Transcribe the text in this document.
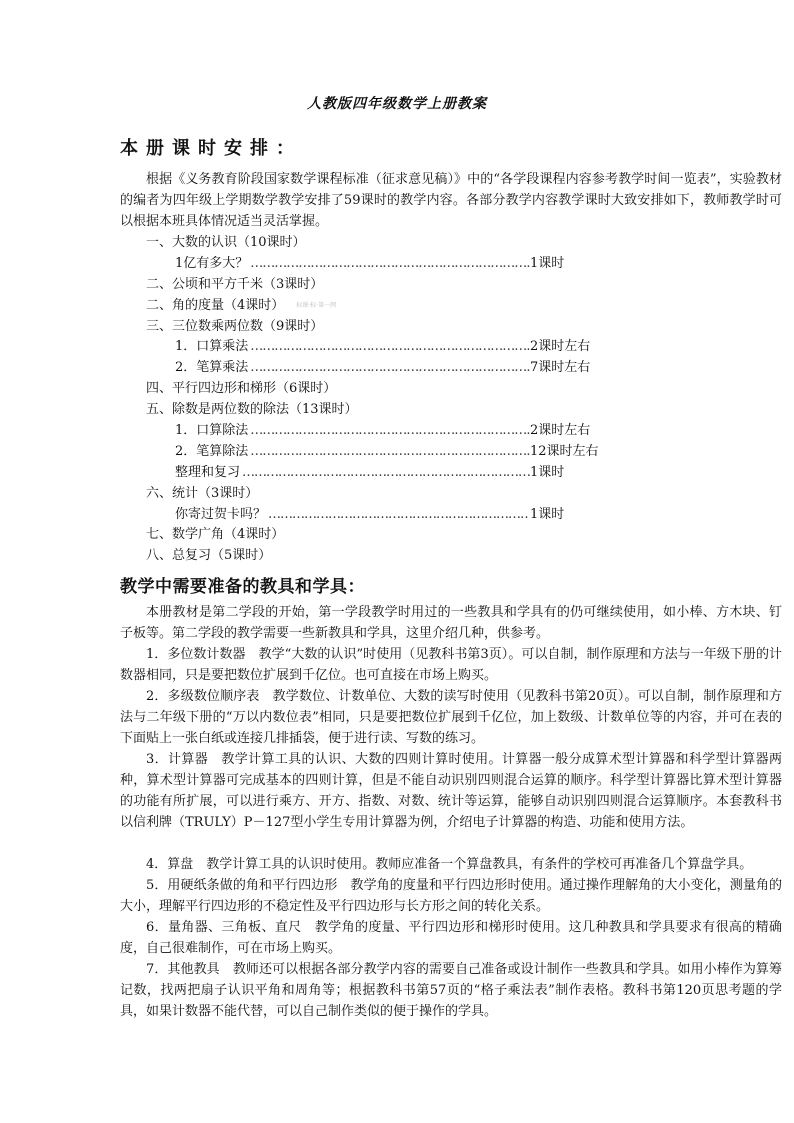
人教版四年级数学上册教案
本册课时安排：

根据《义务教育阶段国家数学课程标准（征求意见稿）》中的“各学段课程内容参考教学时间一览表”，实验教材的编者为四年级上学期数学教学安排了59课时的教学内容。各部分教学内容教学课时大致安排如下，教师教学时可以根据本班具体情况适当灵活掌握。

一、大数的认识（10课时）
1亿有多大？ ……………………………………………………………………………………………………………………	1课时
二、公顷和平方千米（3课时）
二、角的度量（4课时） 标课·标·第一网
三、三位数乘两位数（9课时）
1．口算乘法 ……………………………………………………………………………………………………………………	2课时左右
2．笔算乘法 ……………………………………………………………………………………………………………………	7课时左右
四、平行四边形和梯形（6课时）
五、除数是两位数的除法（13课时）
1．口算除法 ……………………………………………………………………………………………………………………	2课时左右
2．笔算除法 ……………………………………………………………………………………………………………………	12课时左右
整理和复习 ……………………………………………………………………………………………………………………	1课时
六、统计（3课时）
你寄过贺卡吗？ ……………………………………………………………………………………………………………………	1课时
七、数学广角（4课时）
八、总复习（5课时）
教学中需要准备的教具和学具：

本册教材是第二学段的开始，第一学段教学时用过的一些教具和学具有的仍可继续使用，如小棒、方木块、钉子板等。第二学段的教学需要一些新教具和学具，这里介绍几种，供参考。

1．多位数计数器　教学“大数的认识”时使用（见教科书第3页）。可以自制，制作原理和方法与一年级下册的计数器相同，只是要把数位扩展到千亿位。也可直接在市场上购买。

2．多级数位顺序表　教学数位、计数单位、大数的读写时使用（见教科书第20页）。可以自制，制作原理和方法与二年级下册的“万以内数位表”相同，只是要把数位扩展到千亿位，加上数级、计数单位等的内容，并可在表的下面贴上一张白纸或连接几排插袋，便于进行读、写数的练习。

3．计算器　教学计算工具的认识、大数的四则计算时使用。计算器一般分成算术型计算器和科学型计算器两种，算术型计算器可完成基本的四则计算，但是不能自动识别四则混合运算的顺序。科学型计算器比算术型计算器的功能有所扩展，可以进行乘方、开方、指数、对数、统计等运算，能够自动识别四则混合运算顺序。本套教科书以信利牌（TRULY）P－127型小学生专用计算器为例，介绍电子计算器的构造、功能和使用方法。

4．算盘　教学计算工具的认识时使用。教师应准备一个算盘教具，有条件的学校可再准备几个算盘学具。

5．用硬纸条做的角和平行四边形　教学角的度量和平行四边形时使用。通过操作理解角的大小变化，测量角的大小，理解平行四边形的不稳定性及平行四边形与长方形之间的转化关系。

6．量角器、三角板、直尺　教学角的度量、平行四边形和梯形时使用。这几种教具和学具要求有很高的精确度，自己很难制作，可在市场上购买。

7．其他教具　教师还可以根据各部分教学内容的需要自己准备或设计制作一些教具和学具。如用小棒作为算筹记数，找两把扇子认识平角和周角等；根据教科书第57页的“格子乘法表”制作表格。教科书第120页思考题的学具，如果计数器不能代替，可以自己制作类似的便于操作的学具。
